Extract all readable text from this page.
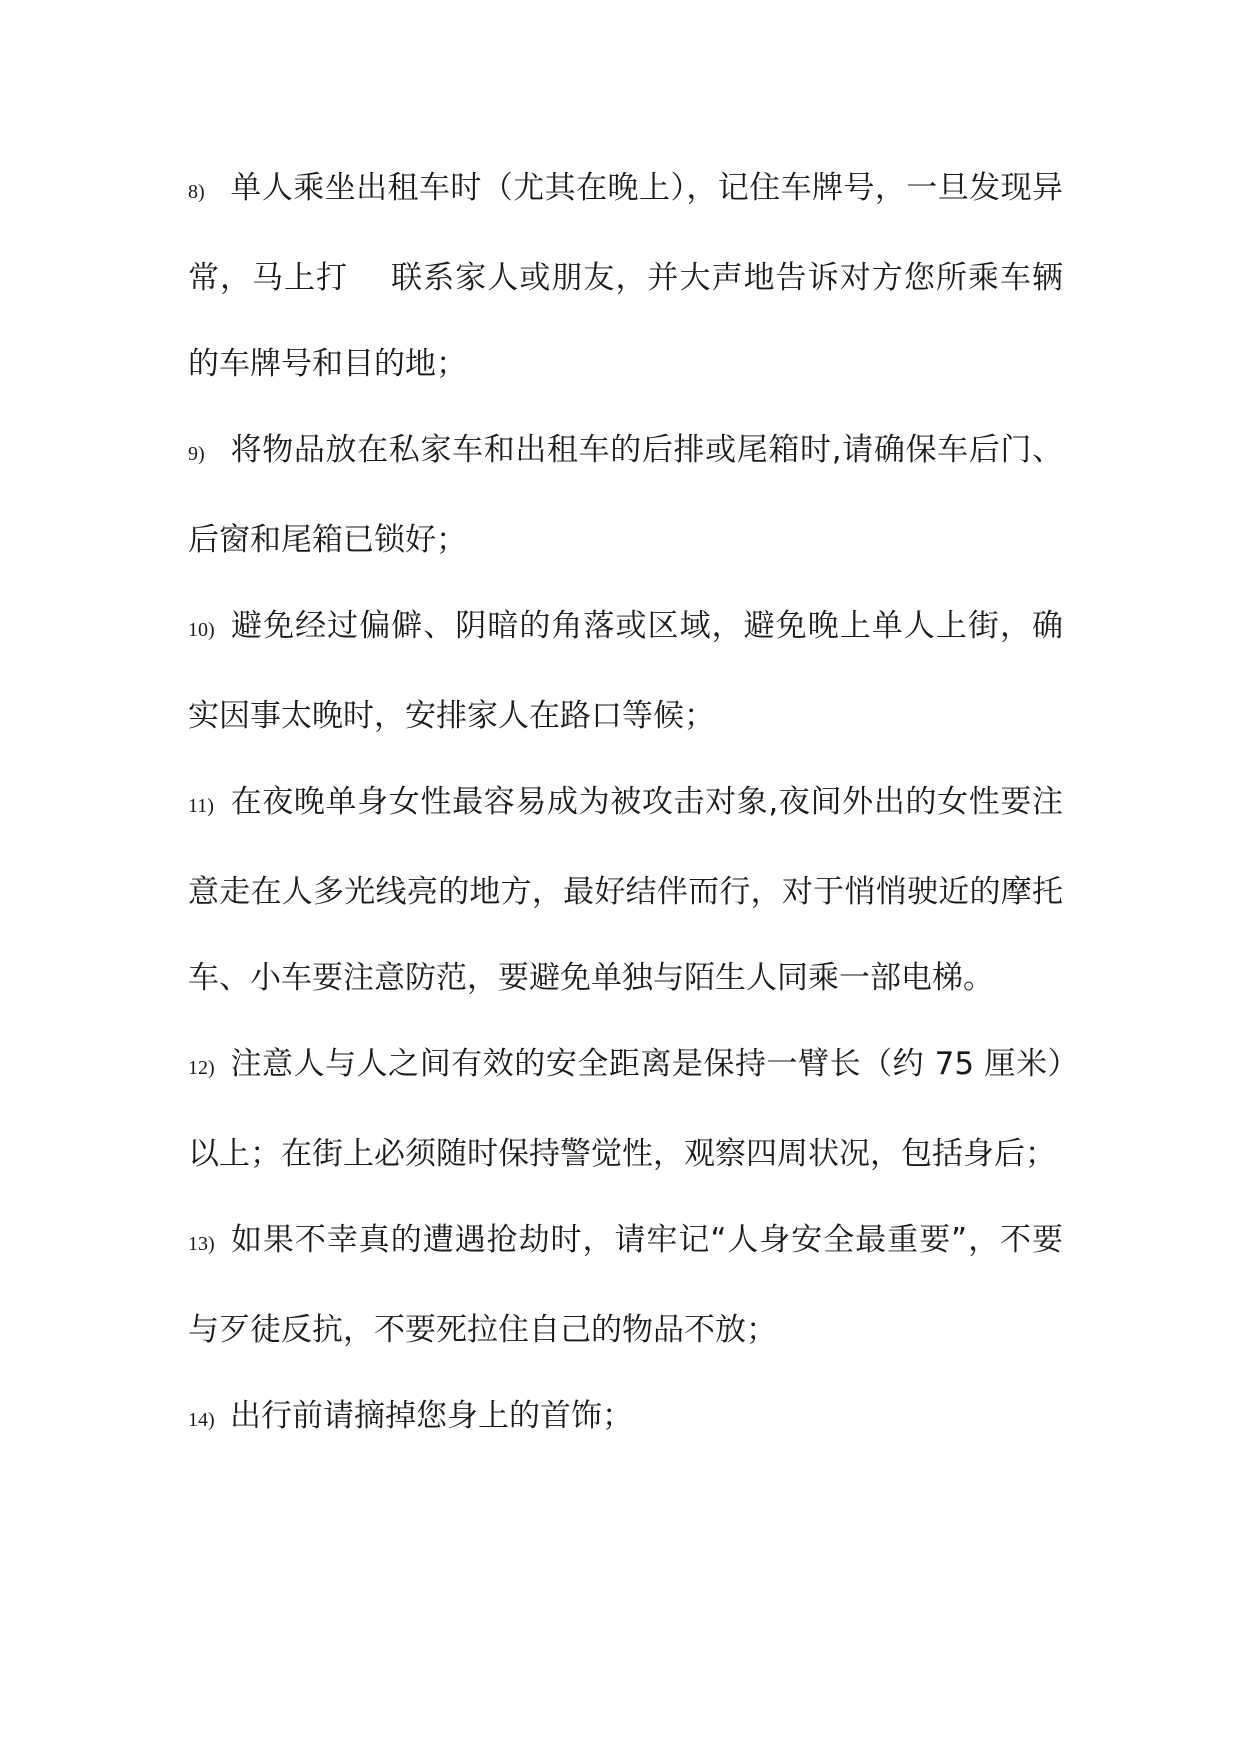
8) 单人乘坐出租车时（尤其在晚上），记住车牌号，一旦发现异常，马上打　 联系家人或朋友，并大声地告诉对方您所乘车辆的车牌号和目的地；

9) 将物品放在私家车和出租车的后排或尾箱时,请确保车后门、后窗和尾箱已锁好；

10) 避免经过偏僻、阴暗的角落或区域，避免晚上单人上街，确实因事太晚时，安排家人在路口等候；

11) 在夜晚单身女性最容易成为被攻击对象,夜间外出的女性要注意走在人多光线亮的地方，最好结伴而行，对于悄悄驶近的摩托车、小车要注意防范，要避免单独与陌生人同乘一部电梯。

12) 注意人与人之间有效的安全距离是保持一臂长（约 75 厘米）以上；在街上必须随时保持警觉性，观察四周状况，包括身后；

13) 如果不幸真的遭遇抢劫时，请牢记“人身安全最重要”，不要与歹徒反抗，不要死拉住自己的物品不放；

14) 出行前请摘掉您身上的首饰；
